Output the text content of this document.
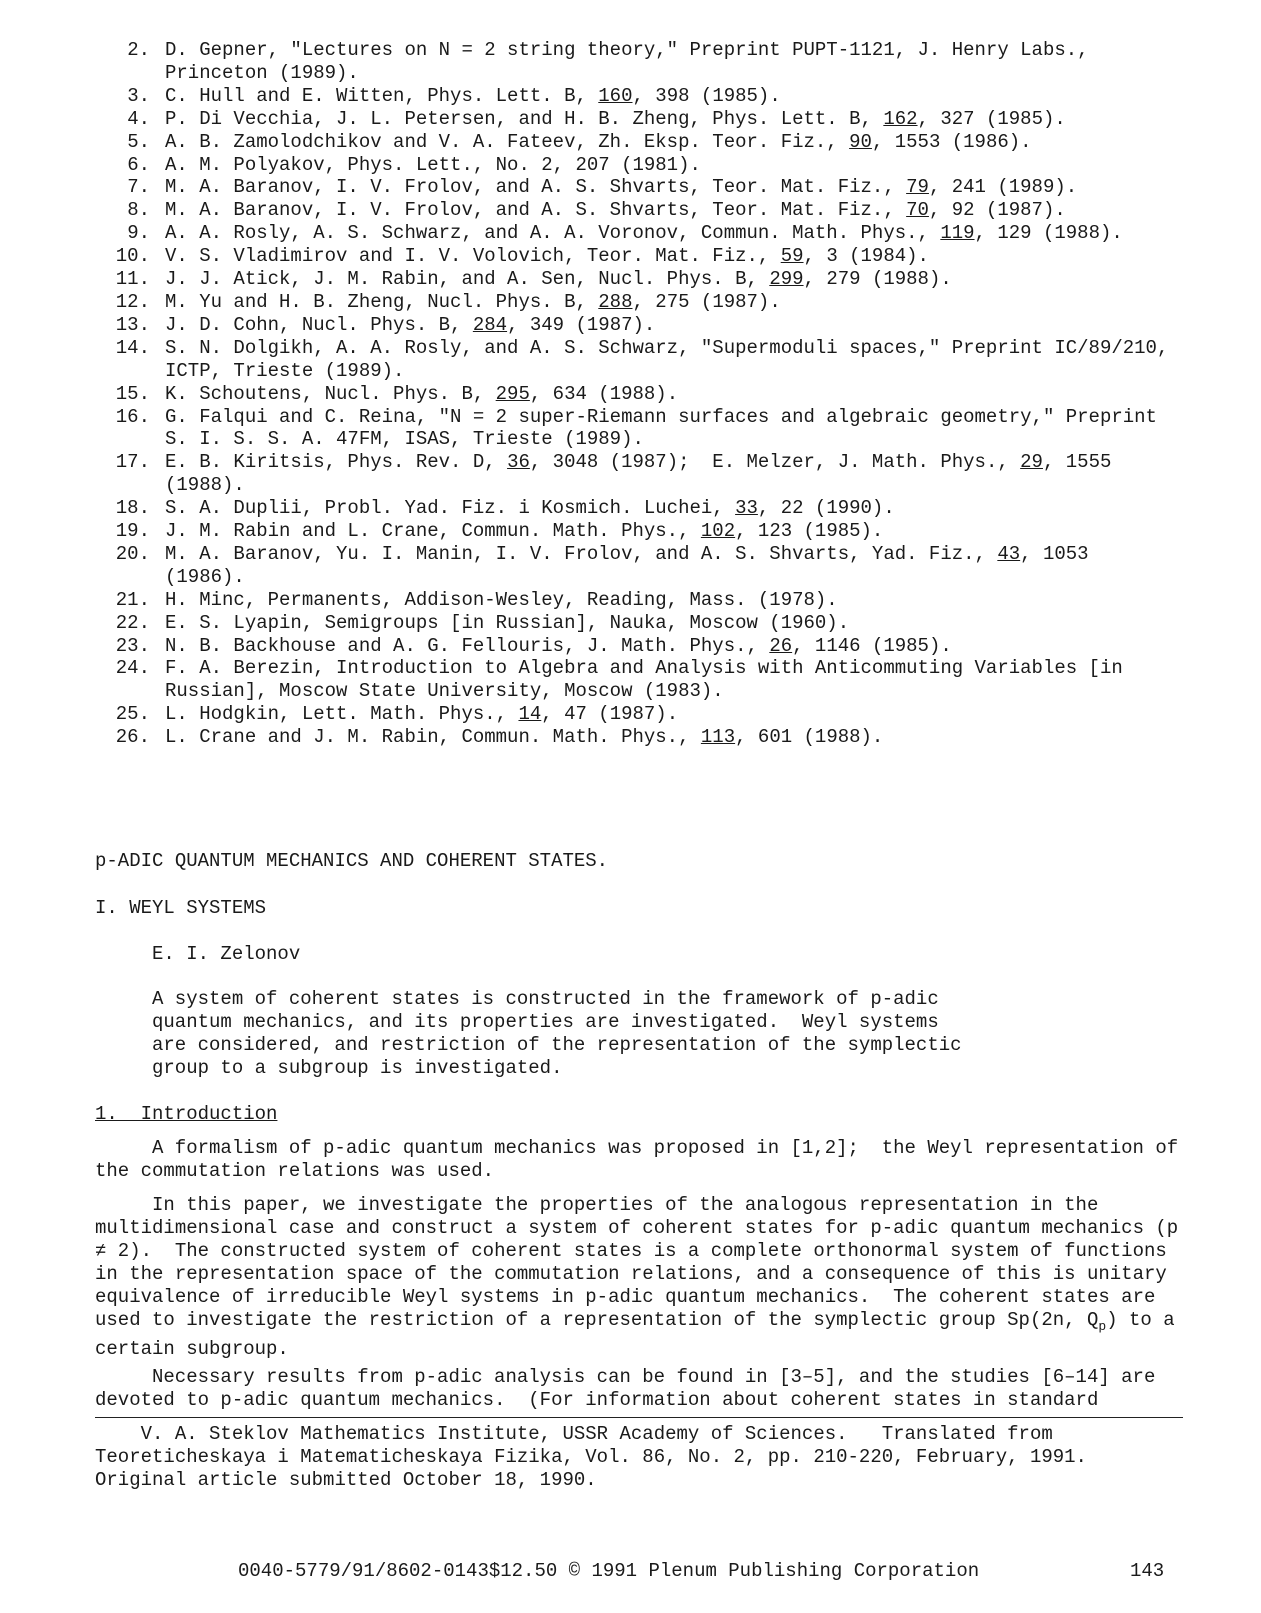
2. D. Gepner, "Lectures on N = 2 string theory," Preprint PUPT-1121, J. Henry Labs.,
Princeton (1989).
3. C. Hull and E. Witten, Phys. Lett. B, 160, 398 (1985).
4. P. Di Vecchia, J. L. Petersen, and H. B. Zheng, Phys. Lett. B, 162, 327 (1985).
5. A. B. Zamolodchikov and V. A. Fateev, Zh. Eksp. Teor. Fiz., 90, 1553 (1986).
6. A. M. Polyakov, Phys. Lett., No. 2, 207 (1981).
7. M. A. Baranov, I. V. Frolov, and A. S. Shvarts, Teor. Mat. Fiz., 79, 241 (1989).
8. M. A. Baranov, I. V. Frolov, and A. S. Shvarts, Teor. Mat. Fiz., 70, 92 (1987).
9. A. A. Rosly, A. S. Schwarz, and A. A. Voronov, Commun. Math. Phys., 119, 129 (1988).
10. V. S. Vladimirov and I. V. Volovich, Teor. Mat. Fiz., 59, 3 (1984).
11. J. J. Atick, J. M. Rabin, and A. Sen, Nucl. Phys. B, 299, 279 (1988).
12. M. Yu and H. B. Zheng, Nucl. Phys. B, 288, 275 (1987).
13. J. D. Cohn, Nucl. Phys. B, 284, 349 (1987).
14. S. N. Dolgikh, A. A. Rosly, and A. S. Schwarz, "Supermoduli spaces," Preprint IC/89/210,
ICTP, Trieste (1989).
15. K. Schoutens, Nucl. Phys. B, 295, 634 (1988).
16. G. Falqui and C. Reina, "N = 2 super-Riemann surfaces and algebraic geometry," Preprint
S. I. S. S. A. 47FM, ISAS, Trieste (1989).
17. E. B. Kiritsis, Phys. Rev. D, 36, 3048 (1987);  E. Melzer, J. Math. Phys., 29, 1555
(1988).
18. S. A. Duplii, Probl. Yad. Fiz. i Kosmich. Luchei, 33, 22 (1990).
19. J. M. Rabin and L. Crane, Commun. Math. Phys., 102, 123 (1985).
20. M. A. Baranov, Yu. I. Manin, I. V. Frolov, and A. S. Shvarts, Yad. Fiz., 43, 1053
(1986).
21. H. Minc, Permanents, Addison-Wesley, Reading, Mass. (1978).
22. E. S. Lyapin, Semigroups [in Russian], Nauka, Moscow (1960).
23. N. B. Backhouse and A. G. Fellouris, J. Math. Phys., 26, 1146 (1985).
24. F. A. Berezin, Introduction to Algebra and Analysis with Anticommuting Variables [in
Russian], Moscow State University, Moscow (1983).
25. L. Hodgkin, Lett. Math. Phys., 14, 47 (1987).
26. L. Crane and J. M. Rabin, Commun. Math. Phys., 113, 601 (1988).
p-ADIC QUANTUM MECHANICS AND COHERENT STATES.
I. WEYL SYSTEMS
E. I. Zelonov
A system of coherent states is constructed in the framework of p-adic
quantum mechanics, and its properties are investigated.  Weyl systems
are considered, and restriction of the representation of the symplectic
group to a subgroup is investigated.
1.  Introduction
A formalism of p-adic quantum mechanics was proposed in [1,2];  the Weyl representation of the commutation relations was used.
In this paper, we investigate the properties of the analogous representation in the multidimensional case and construct a system of coherent states for p-adic quantum mechanics (p ≠ 2).  The constructed system of coherent states is a complete orthonormal system of functions in the representation space of the commutation relations, and a consequence of this is unitary equivalence of irreducible Weyl systems in p-adic quantum mechanics.  The coherent states are used to investigate the restriction of a representation of the symplectic group Sp(2n, $Q_p$) to a certain subgroup.
Necessary results from p-adic analysis can be found in [3–5], and the studies [6–14] are devoted to p-adic quantum mechanics.  (For information about coherent states in standard
V. A. Steklov Mathematics Institute, USSR Academy of Sciences.   Translated from
Teoreticheskaya i Matematicheskaya Fizika, Vol. 86, No. 2, pp. 210-220, February, 1991.
Original article submitted October 18, 1990.
0040-5779/91/8602-0143$12.50 © 1991 Plenum Publishing Corporation	143
